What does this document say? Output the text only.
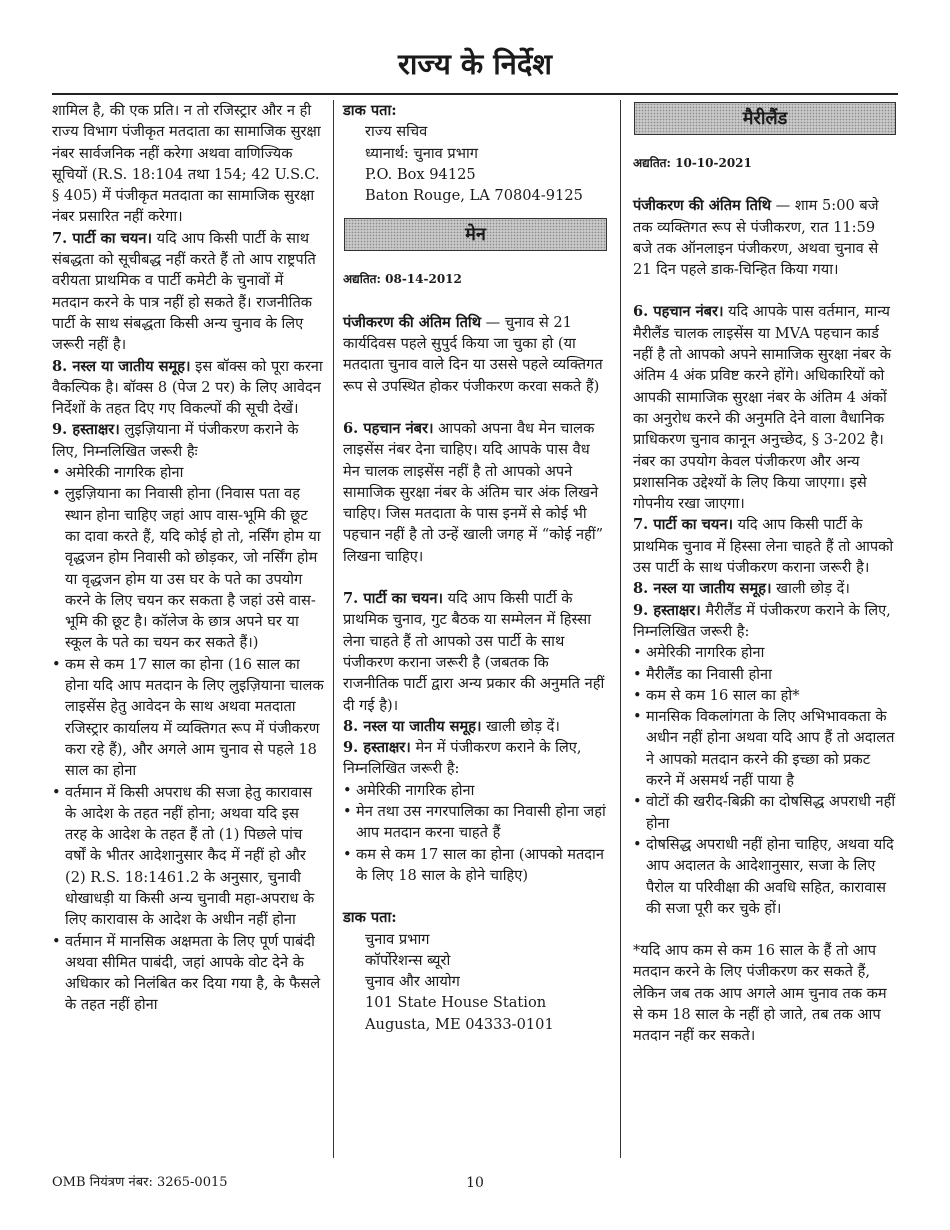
राज्य के निर्देश

शामिल है, की एक प्रति। न तो रजिस्ट्रार और न ही राज्य विभाग पंजीकृत मतदाता का सामाजिक सुरक्षा नंबर सार्वजनिक नहीं करेगा अथवा वाणिज्यिक सूचियों (R.S. 18:104 तथा 154; 42 U.S.C. § 405) में पंजीकृत मतदाता का सामाजिक सुरक्षा नंबर प्रसारित नहीं करेगा।

7. पार्टी का चयन। यदि आप किसी पार्टी के साथ संबद्धता को सूचीबद्ध नहीं करते हैं तो आप राष्ट्रपति वरीयता प्राथमिक व पार्टी कमेटी के चुनावों में मतदान करने के पात्र नहीं हो सकते हैं। राजनीतिक पार्टी के साथ संबद्धता किसी अन्य चुनाव के लिए जरूरी नहीं है।

8. नस्ल या जातीय समूह। इस बॉक्स को पूरा करना वैकल्पिक है। बॉक्स 8 (पेज 2 पर) के लिए आवेदन निर्देशों के तहत दिए गए विकल्पों की सूची देखें।

9. हस्ताक्षर। लुइज़ियाना में पंजीकरण कराने के लिए, निम्नलिखित जरूरी हैः

• अमेरिकी नागरिक होना
• लुइज़ियाना का निवासी होना (निवास पता वह स्थान होना चाहिए जहां आप वास-भूमि की छूट का दावा करते हैं, यदि कोई हो तो, नर्सिंग होम या वृद्धजन होम निवासी को छोड़कर, जो नर्सिंग होम या वृद्धजन होम या उस घर के पते का उपयोग करने के लिए चयन कर सकता है जहां उसे वास-भूमि की छूट है। कॉलेज के छात्र अपने घर या स्कूल के पते का चयन कर सकते हैं।)
• कम से कम 17 साल का होना (16 साल का होना यदि आप मतदान के लिए लुइज़ियाना चालक लाइसेंस हेतु आवेदन के साथ अथवा मतदाता रजिस्ट्रार कार्यालय में व्यक्तिगत रूप में पंजीकरण करा रहे हैं), और अगले आम चुनाव से पहले 18 साल का होना
• वर्तमान में किसी अपराध की सजा हेतु कारावास के आदेश के तहत नहीं होना; अथवा यदि इस तरह के आदेश के तहत हैं तो (1) पिछले पांच वर्षों के भीतर आदेशानुसार कैद में नहीं हो और (2) R.S. 18:1461.2 के अनुसार, चुनावी धोखाधड़ी या किसी अन्य चुनावी महा-अपराध के लिए कारावास के आदेश के अधीन नहीं होना
• वर्तमान में मानसिक अक्षमता के लिए पूर्ण पाबंदी अथवा सीमित पाबंदी, जहां आपके वोट देने के अधिकार को निलंबित कर दिया गया है, के फैसले के तहत नहीं होना

डाक पता:

राज्य सचिव

ध्यानार्थ: चुनाव प्रभाग

P.O. Box 94125

Baton Rouge, LA 70804-9125

मेन

अद्यतित: 08-14-2012

पंजीकरण की अंतिम तिथि — चुनाव से 21 कार्यदिवस पहले सुपुर्द किया जा चुका हो (या मतदाता चुनाव वाले दिन या उससे पहले व्यक्तिगत रूप से उपस्थित होकर पंजीकरण करवा सकते हैं)

6. पहचान नंबर। आपको अपना वैध मेन चालक लाइसेंस नंबर देना चाहिए। यदि आपके पास वैध मेन चालक लाइसेंस नहीं है तो आपको अपने सामाजिक सुरक्षा नंबर के अंतिम चार अंक लिखने चाहिए। जिस मतदाता के पास इनमें से कोई भी पहचान नहीं है तो उन्हें खाली जगह में “कोई नहीं” लिखना चाहिए।

7. पार्टी का चयन। यदि आप किसी पार्टी के प्राथमिक चुनाव, गुट बैठक या सम्मेलन में हिस्सा लेना चाहते हैं तो आपको उस पार्टी के साथ पंजीकरण कराना जरूरी है (जबतक कि राजनीतिक पार्टी द्वारा अन्य प्रकार की अनुमति नहीं दी गई है)।

8. नस्ल या जातीय समूह। खाली छोड़ दें।

9. हस्ताक्षर। मेन में पंजीकरण कराने के लिए, निम्नलिखित जरूरी है:

• अमेरिकी नागरिक होना
• मेन तथा उस नगरपालिका का निवासी होना जहां आप मतदान करना चाहते हैं
• कम से कम 17 साल का होना (आपको मतदान के लिए 18 साल के होने चाहिए)

डाक पता:

चुनाव प्रभाग

कॉर्पोरेशन्स ब्यूरो

चुनाव और आयोग

101 State House Station

Augusta, ME 04333-0101

मैरीलैंड

अद्यतित: 10-10-2021

पंजीकरण की अंतिम तिथि — शाम 5:00 बजे तक व्यक्तिगत रूप से पंजीकरण, रात 11:59 बजे तक ऑनलाइन पंजीकरण, अथवा चुनाव से 21 दिन पहले डाक-चिन्हित किया गया।

6. पहचान नंबर। यदि आपके पास वर्तमान, मान्य मैरीलैंड चालक लाइसेंस या MVA पहचान कार्ड नहीं है तो आपको अपने सामाजिक सुरक्षा नंबर के अंतिम 4 अंक प्रविष्ट करने होंगे। अधिकारियों को आपकी सामाजिक सुरक्षा नंबर के अंतिम 4 अंकों का अनुरोध करने की अनुमति देने वाला वैधानिक प्राधिकरण चुनाव कानून अनुच्छेद, § 3-202 है। नंबर का उपयोग केवल पंजीकरण और अन्य प्रशासनिक उद्देश्यों के लिए किया जाएगा। इसे गोपनीय रखा जाएगा।

7. पार्टी का चयन। यदि आप किसी पार्टी के प्राथमिक चुनाव में हिस्सा लेना चाहते हैं तो आपको उस पार्टी के साथ पंजीकरण कराना जरूरी है।

8. नस्ल या जातीय समूह। खाली छोड़ दें।

9. हस्ताक्षर। मैरीलैंड में पंजीकरण कराने के लिए, निम्नलिखित जरूरी है:

• अमेरिकी नागरिक होना
• मैरीलैंड का निवासी होना
• कम से कम 16 साल का हो*
• मानसिक विकलांगता के लिए अभिभावकता के अधीन नहीं होना अथवा यदि आप हैं तो अदालत ने आपको मतदान करने की इच्छा को प्रकट करने में असमर्थ नहीं पाया है
• वोटों की खरीद-बिक्री का दोषसिद्ध अपराधी नहीं होना
• दोषसिद्ध अपराधी नहीं होना चाहिए, अथवा यदि आप अदालत के आदेशानुसार, सजा के लिए पैरोल या परिवीक्षा की अवधि सहित, कारावास की सजा पूरी कर चुके हों।

*यदि आप कम से कम 16 साल के हैं तो आप मतदान करने के लिए पंजीकरण कर सकते हैं, लेकिन जब तक आप अगले आम चुनाव तक कम से कम 18 साल के नहीं हो जाते, तब तक आप मतदान नहीं कर सकते।

OMB नियंत्रण नंबर: 3265-0015	10
